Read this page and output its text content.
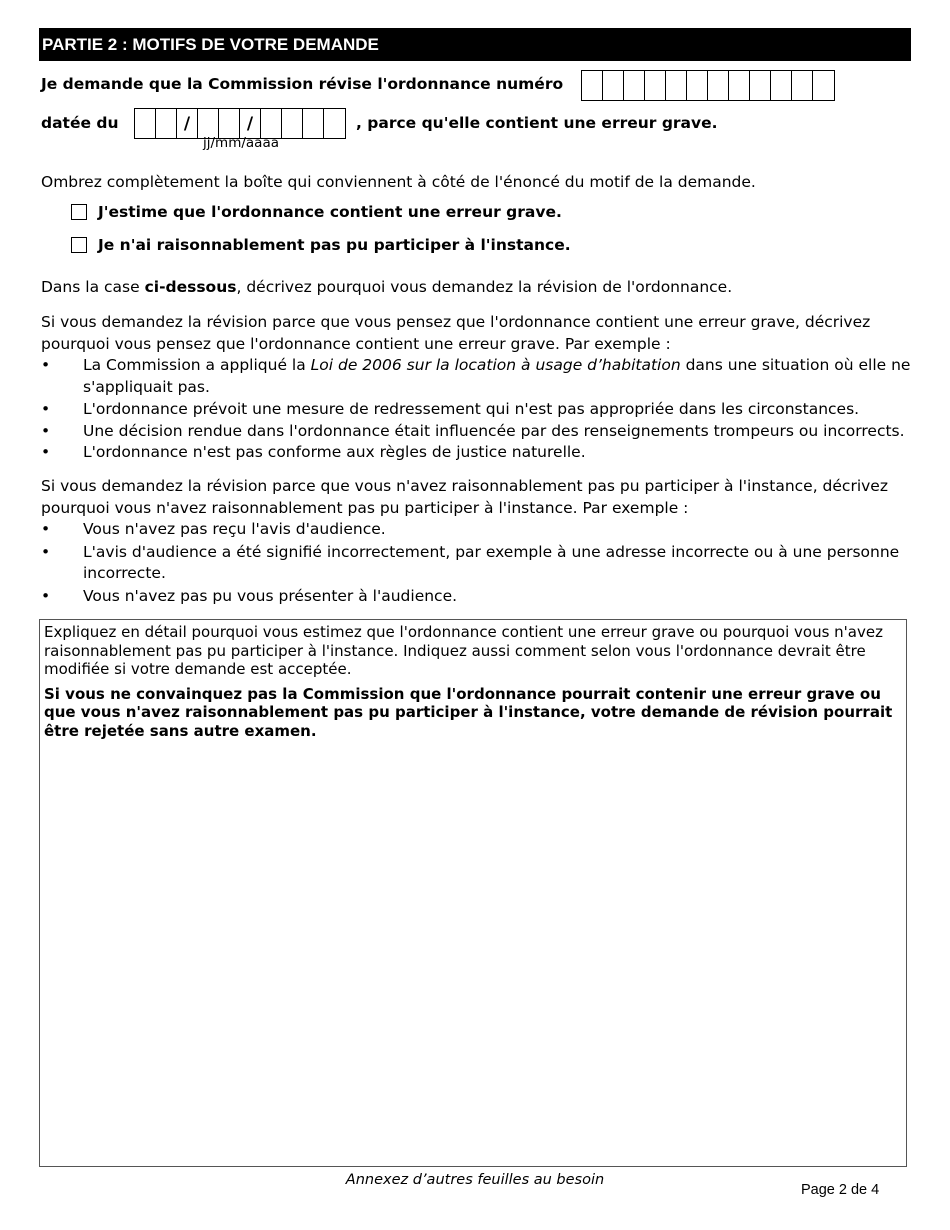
PARTIE 2 : MOTIFS DE VOTRE DEMANDE
Je demande que la Commission révise l'ordonnance numéro
datée du	/	/	, parce qu'elle contient une erreur grave.
jj/mm/aaaa
Ombrez complètement la boîte qui conviennent à côté de l'énoncé du motif de la demande.
J'estime que l'ordonnance contient une erreur grave.
Je n'ai raisonnablement pas pu participer à l'instance.
Dans la case ci-dessous, décrivez pourquoi vous demandez la révision de l'ordonnance.
Si vous demandez la révision parce que vous pensez que l'ordonnance contient une erreur grave, décrivez pourquoi vous pensez que l'ordonnance contient une erreur grave. Par exemple :
• La Commission a appliqué la Loi de 2006 sur la location à usage d’habitation dans une situation où elle ne s'appliquait pas.
• L'ordonnance prévoit une mesure de redressement qui n'est pas appropriée dans les circonstances.
• Une décision rendue dans l'ordonnance était influencée par des renseignements trompeurs ou incorrects.
• L'ordonnance n'est pas conforme aux règles de justice naturelle.
Si vous demandez la révision parce que vous n'avez raisonnablement pas pu participer à l'instance, décrivez pourquoi vous n'avez raisonnablement pas pu participer à l'instance. Par exemple :
• Vous n'avez pas reçu l'avis d'audience.
• L'avis d'audience a été signifié incorrectement, par exemple à une adresse incorrecte ou à une personne incorrecte.
• Vous n'avez pas pu vous présenter à l'audience.
Expliquez en détail pourquoi vous estimez que l'ordonnance contient une erreur grave ou pourquoi vous n'avez raisonnablement pas pu participer à l'instance. Indiquez aussi comment selon vous l'ordonnance devrait être modifiée si votre demande est acceptée.
Si vous ne convainquez pas la Commission que l'ordonnance pourrait contenir une erreur grave ou que vous n'avez raisonnablement pas pu participer à l'instance, votre demande de révision pourrait être rejetée sans autre examen.
Annexez d’autres feuilles au besoin
Page 2 de 4
